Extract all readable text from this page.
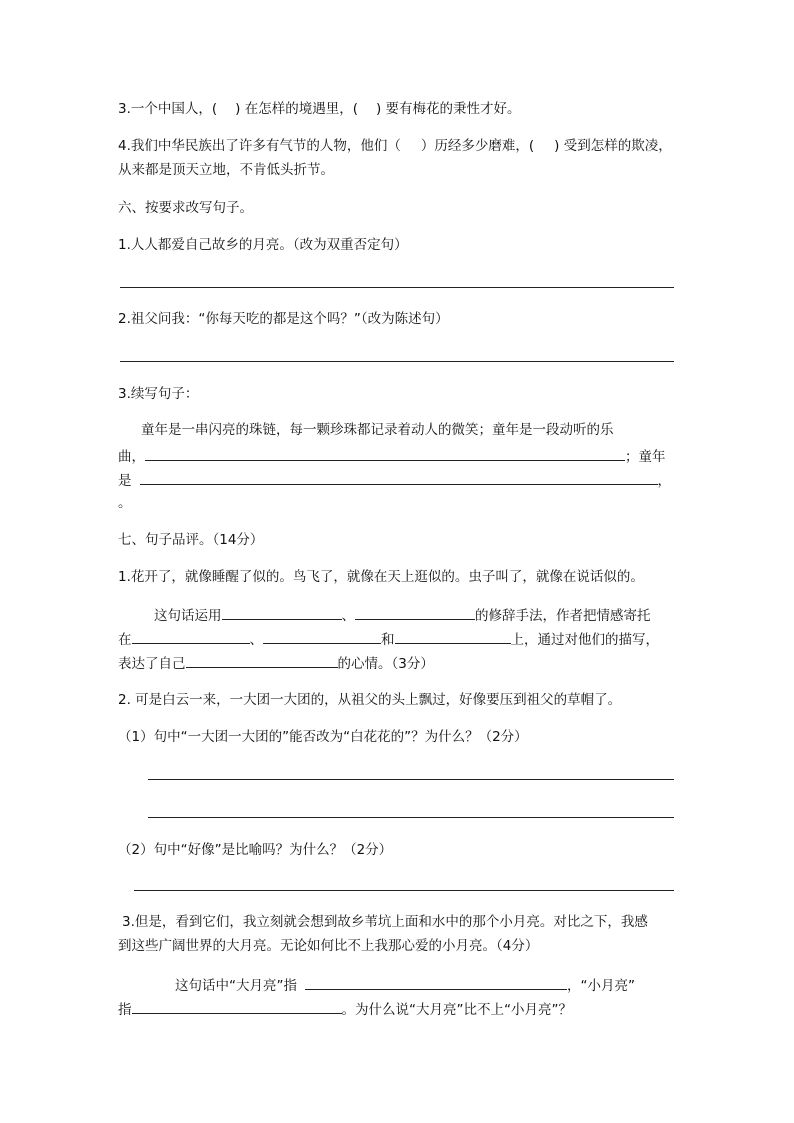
3.一个中国人，( ) 在怎样的境遇里，( ) 要有梅花的秉性才好。
4.我们中华民族出了许多有气节的人物，他们（ ）历经多少磨难，( ) 受到怎样的欺凌，
从来都是顶天立地，不肯低头折节。
六、按要求改写句子。
1.人人都爱自己故乡的月亮。（改为双重否定句）
2.祖父问我：“你每天吃的都是这个吗？”（改为陈述句）
3.续写句子：
童年是一串闪亮的珠链，每一颗珍珠都记录着动人的微笑；童年是一段动听的乐
曲，	；童年
是	，
。
七、句子品评。（14分）
1.花开了，就像睡醒了似的。鸟飞了，就像在天上逛似的。虫子叫了，就像在说话似的。
这句话运用	、	的修辞手法，作者把情感寄托
在	、	和	上，通过对他们的描写，
表达了自己	的心情。（3分）
2. 可是白云一来，一大团一大团的，从祖父的头上飘过，好像要压到祖父的草帽了。
（1）句中“一大团一大团的”能否改为“白花花的”？为什么？（2分）
（2）句中“好像”是比喻吗？为什么？（2分）
3.但是，看到它们，我立刻就会想到故乡苇坑上面和水中的那个小月亮。对比之下，我感
到这些广阔世界的大月亮。无论如何比不上我那心爱的小月亮。（4分）
这句话中“大月亮”指	，“小月亮”
指	。为什么说“大月亮”比不上“小月亮”？
